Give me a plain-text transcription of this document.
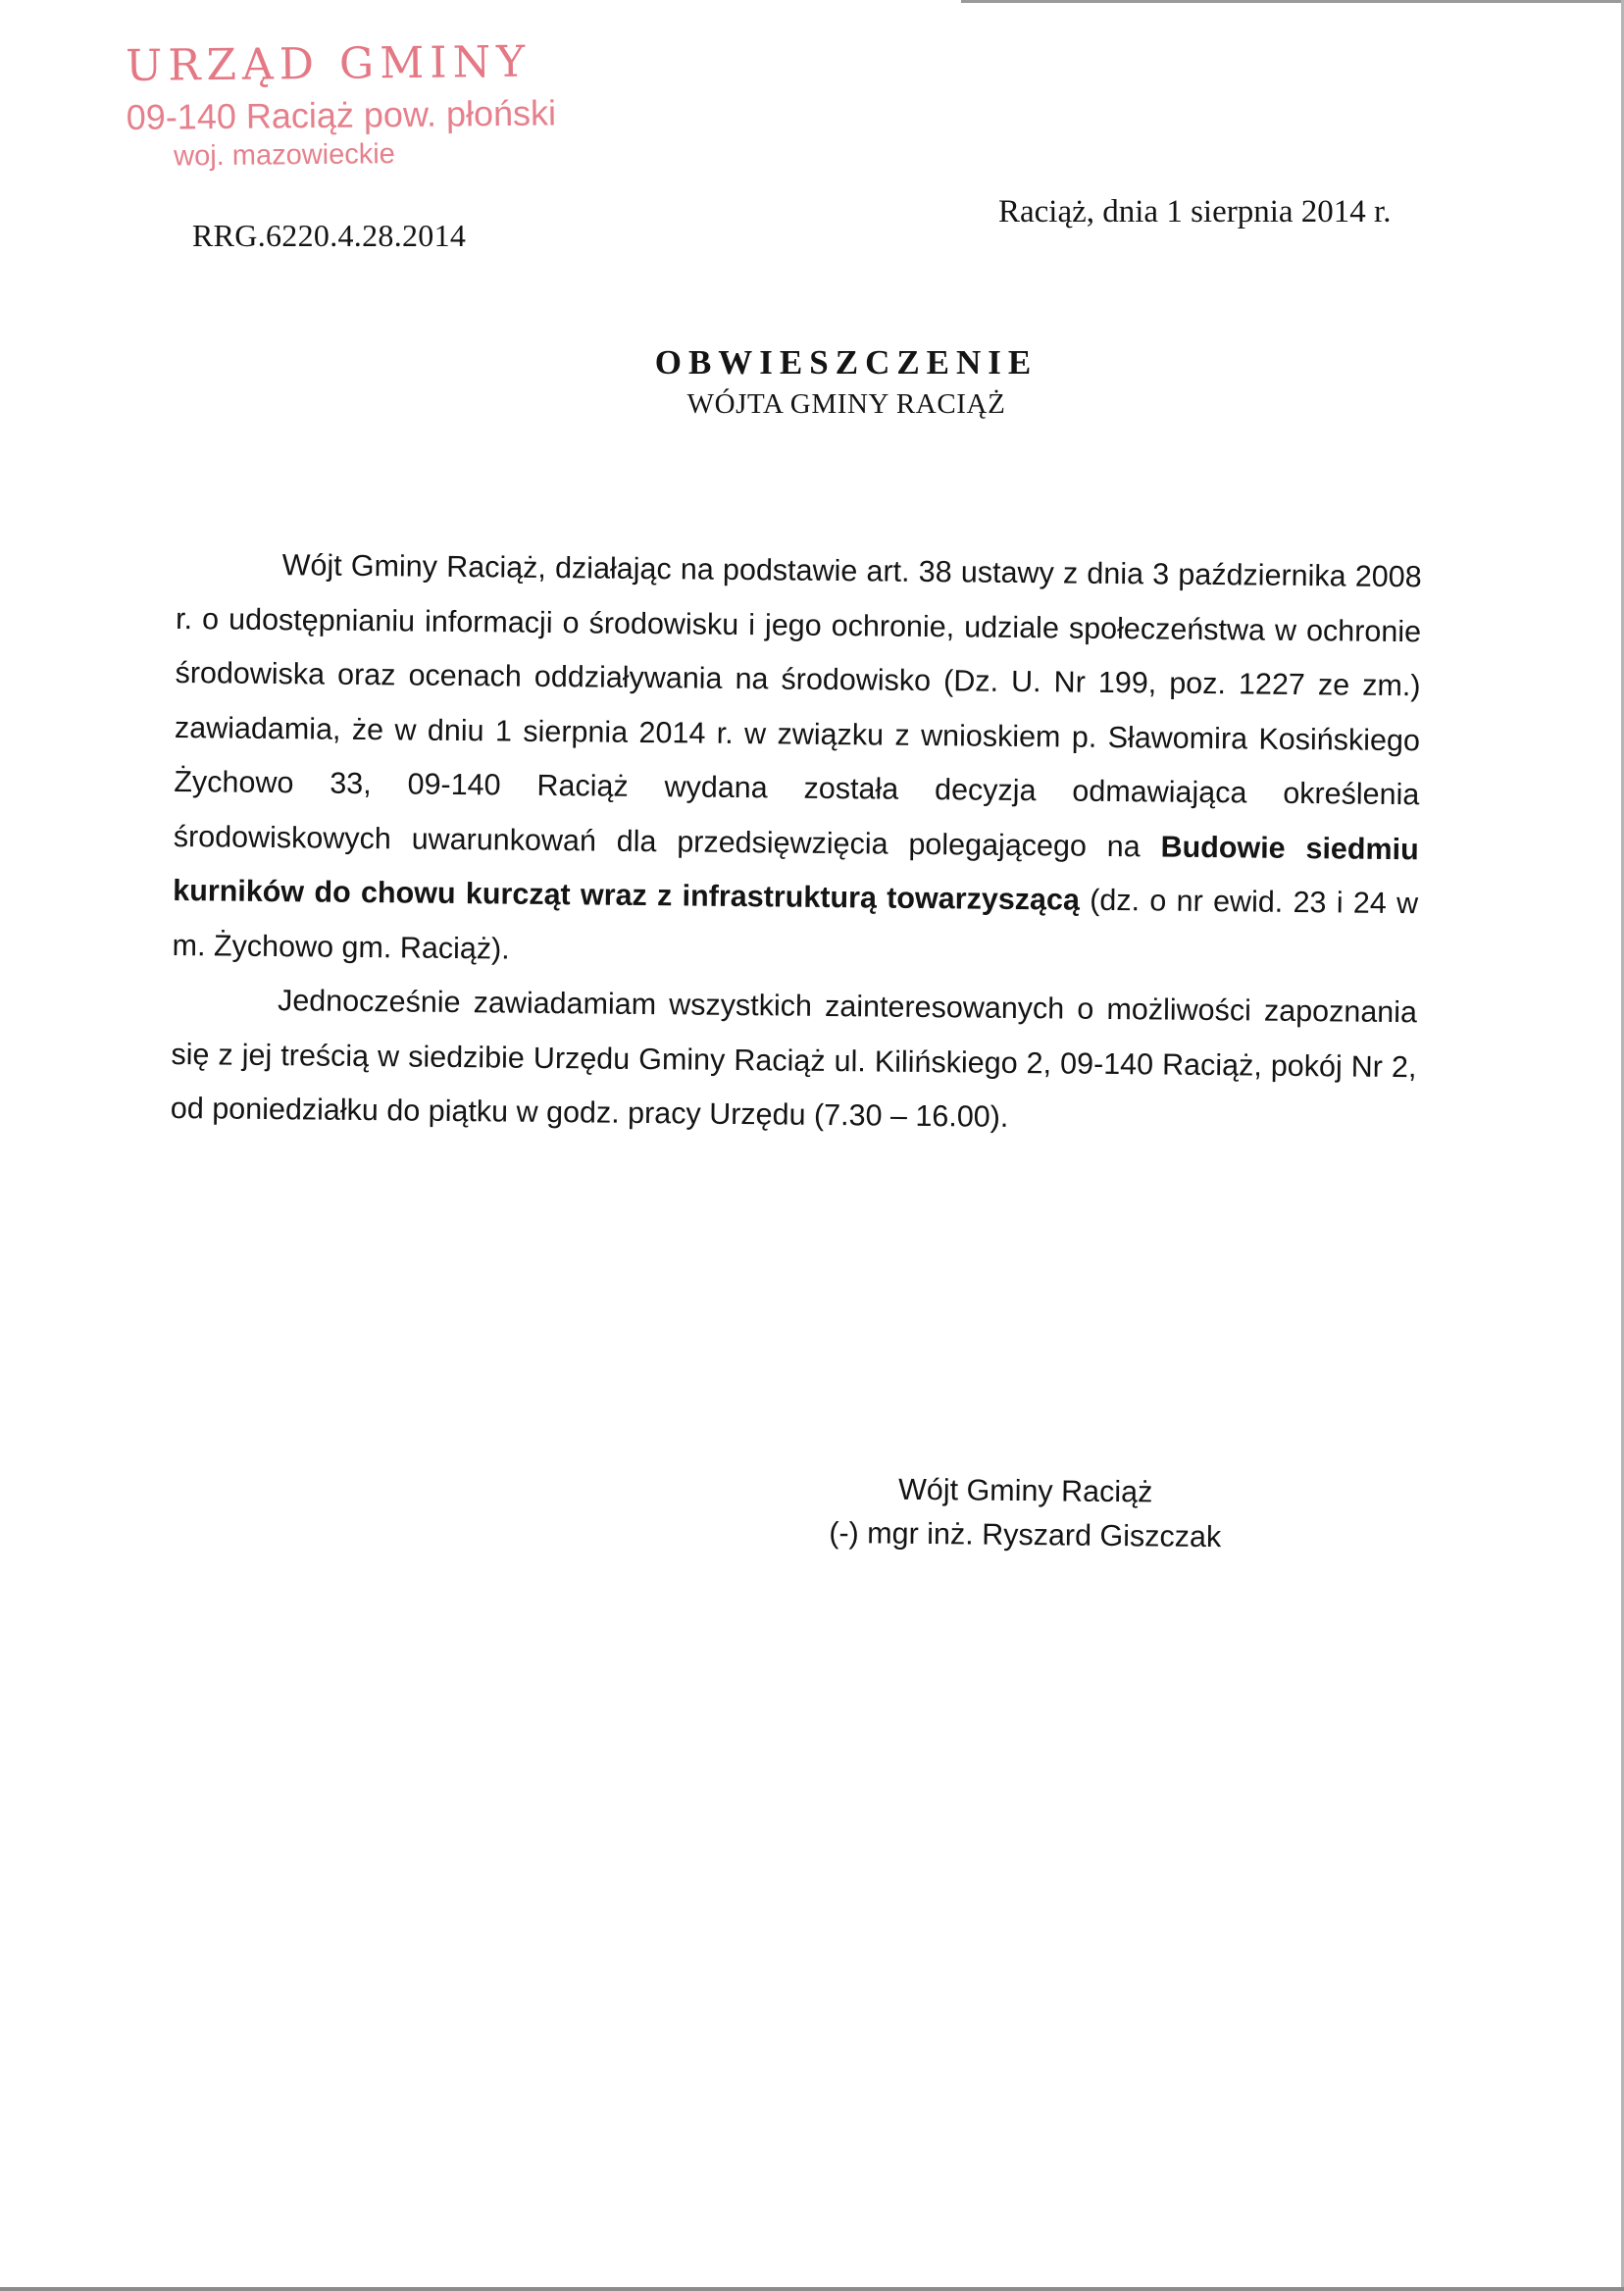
URZĄD GMINY
09-140 Raciąż pow. płoński
woj. mazowieckie
RRG.6220.4.28.2014
Raciąż, dnia 1 sierpnia 2014 r.
OBWIESZCZENIE
WÓJTA GMINY RACIĄŻ

Wójt Gminy Raciąż, działając na podstawie art. 38 ustawy z dnia 3 października 2008 r. o udostępnianiu informacji o środowisku i jego ochronie, udziale społeczeństwa w ochronie środowiska oraz ocenach oddziaływania na środowisko (Dz. U. Nr 199, poz. 1227 ze zm.) zawiadamia, że w dniu 1 sierpnia 2014 r. w związku z wnioskiem p. Sławomira Kosińskiego Żychowo 33, 09-140 Raciąż wydana została decyzja odmawiająca określenia środowiskowych uwarunkowań dla przedsięwzięcia polegającego na Budowie siedmiu kurników do chowu kurcząt wraz z infrastrukturą towarzyszącą (dz. o nr ewid. 23 i 24 w m. Żychowo gm. Raciąż).

Jednocześnie zawiadamiam wszystkich zainteresowanych o możliwości zapoznania się z jej treścią w siedzibie Urzędu Gminy Raciąż ul. Kilińskiego 2, 09-140 Raciąż, pokój Nr 2, od poniedziałku do piątku w godz. pracy Urzędu (7.30 – 16.00).

Wójt Gminy Raciąż
(-) mgr inż. Ryszard Giszczak
